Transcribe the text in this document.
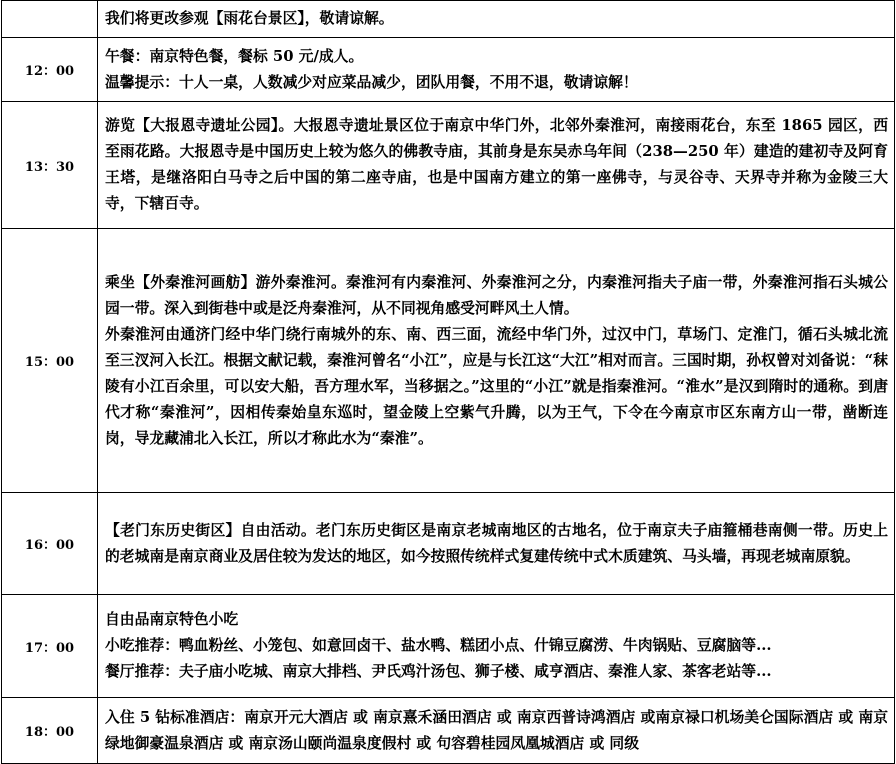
	我们将更改参观【雨花台景区】，敬请谅解。

12：00	午餐：南京特色餐，餐标 50 元/成人。

温馨提示：十人一桌，人数减少对应菜品减少，团队用餐，不用不退，敬请谅解！

13：30	游览【大报恩寺遗址公园】。大报恩寺遗址景区位于南京中华门外，北邻外秦淮河，南接雨花台，东至 1865 园区，西至雨花路。大报恩寺是中国历史上较为悠久的佛教寺庙，其前身是东吴赤乌年间（238—250 年）建造的建初寺及阿育王塔，是继洛阳白马寺之后中国的第二座寺庙，也是中国南方建立的第一座佛寺，与灵谷寺、天界寺并称为金陵三大寺，下辖百寺。

15：00	乘坐【外秦淮河画舫】游外秦淮河。秦淮河有内秦淮河、外秦淮河之分，内秦淮河指夫子庙一带，外秦淮河指石头城公园一带。深入到街巷中或是泛舟秦淮河，从不同视角感受河畔风土人情。

外秦淮河由通济门经中华门绕行南城外的东、南、西三面，流经中华门外，过汉中门，草场门、定淮门，循石头城北流至三汊河入长江。根据文献记载，秦淮河曾名“小江”，应是与长江这“大江”相对而言。三国时期，孙权曾对刘备说：“秣陵有小江百余里，可以安大船，吾方理水军，当移据之。”这里的“小江”就是指秦淮河。“淮水”是汉到隋时的通称。到唐代才称“秦淮河”，因相传秦始皇东巡时，望金陵上空紫气升腾，以为王气，下令在今南京市区东南方山一带，凿断连岗，导龙藏浦北入长江，所以才称此水为“秦淮”。

16：00	【老门东历史街区】自由活动。老门东历史街区是南京老城南地区的古地名，位于南京夫子庙箍桶巷南侧一带。历史上的老城南是南京商业及居住较为发达的地区，如今按照传统样式复建传统中式木质建筑、马头墙，再现老城南原貌。

17：00	自由品南京特色小吃

小吃推荐：鸭血粉丝、小笼包、如意回卤干、盐水鸭、糕团小点、什锦豆腐涝、牛肉锅贴、豆腐脑等...

餐厅推荐：夫子庙小吃城、南京大排档、尹氏鸡汁汤包、狮子楼、咸亨酒店、秦淮人家、茶客老站等...

18：00	入住 5 钻标准酒店：南京开元大酒店 或 南京熹禾涵田酒店 或 南京西普诗鸿酒店 或南京禄口机场美仑国际酒店 或 南京绿地御豪温泉酒店 或 南京汤山颐尚温泉度假村 或 句容碧桂园凤凰城酒店 或 同级
